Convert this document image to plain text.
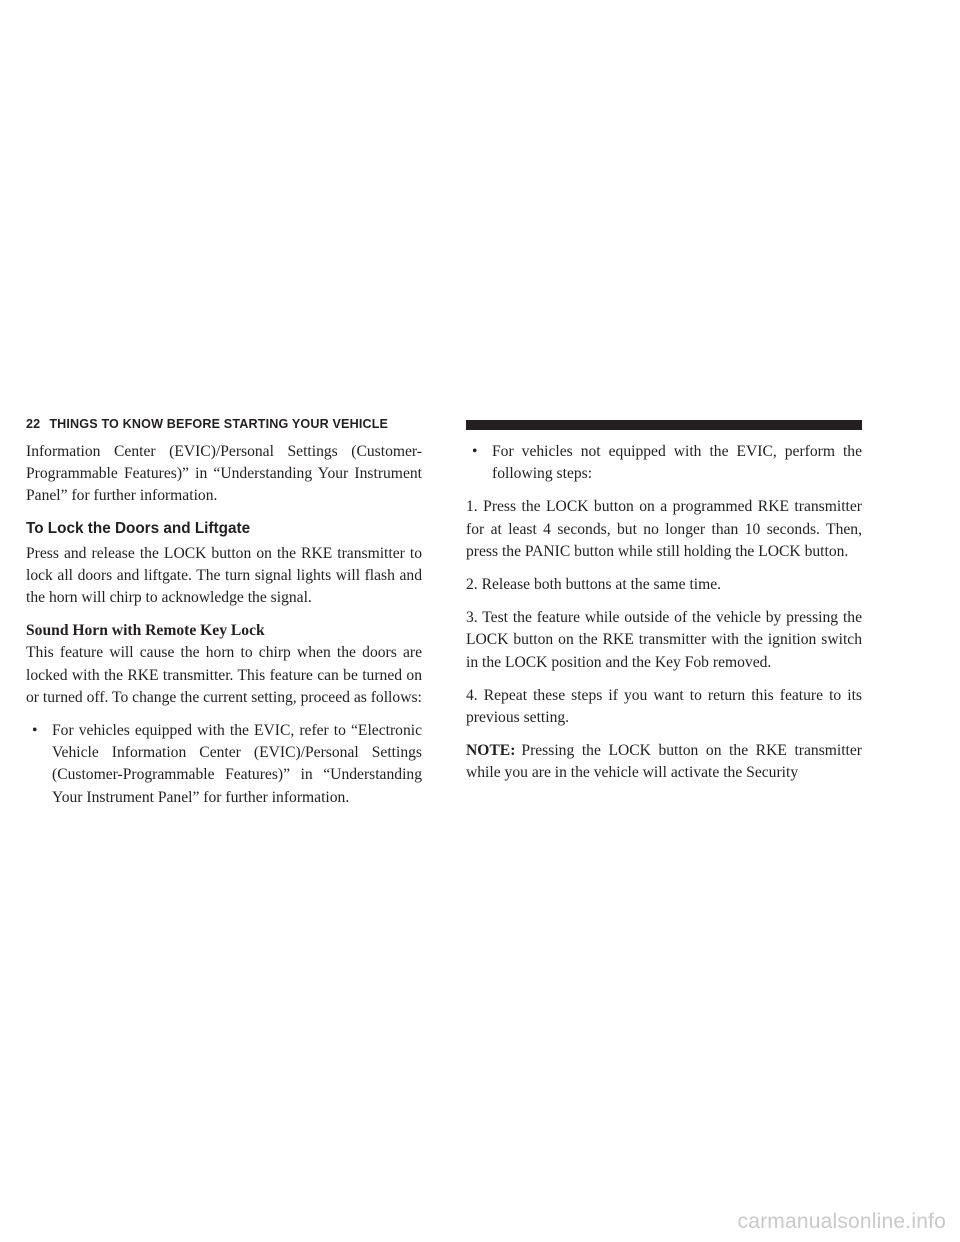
22 THINGS TO KNOW BEFORE STARTING YOUR VEHICLE

Information Center (EVIC)/Personal Settings (Customer-Programmable Features)” in “Understanding Your Instrument Panel” for further information.

To Lock the Doors and Liftgate

Press and release the LOCK button on the RKE transmitter to lock all doors and liftgate. The turn signal lights will flash and the horn will chirp to acknowledge the signal.

Sound Horn with Remote Key Lock

This feature will cause the horn to chirp when the doors are locked with the RKE transmitter. This feature can be turned on or turned off. To change the current setting, proceed as follows:

• For vehicles equipped with the EVIC, refer to “Electronic Vehicle Information Center (EVIC)/Personal Settings (Customer-Programmable Features)” in “Understanding Your Instrument Panel” for further information.
• For vehicles not equipped with the EVIC, perform the following steps:

1. Press the LOCK button on a programmed RKE transmitter for at least 4 seconds, but no longer than 10 seconds. Then, press the PANIC button while still holding the LOCK button.

2. Release both buttons at the same time.

3. Test the feature while outside of the vehicle by pressing the LOCK button on the RKE transmitter with the ignition switch in the LOCK position and the Key Fob removed.

4. Repeat these steps if you want to return this feature to its previous setting.

NOTE: Pressing the LOCK button on the RKE transmitter while you are in the vehicle will activate the Security

carmanualsonline.info
